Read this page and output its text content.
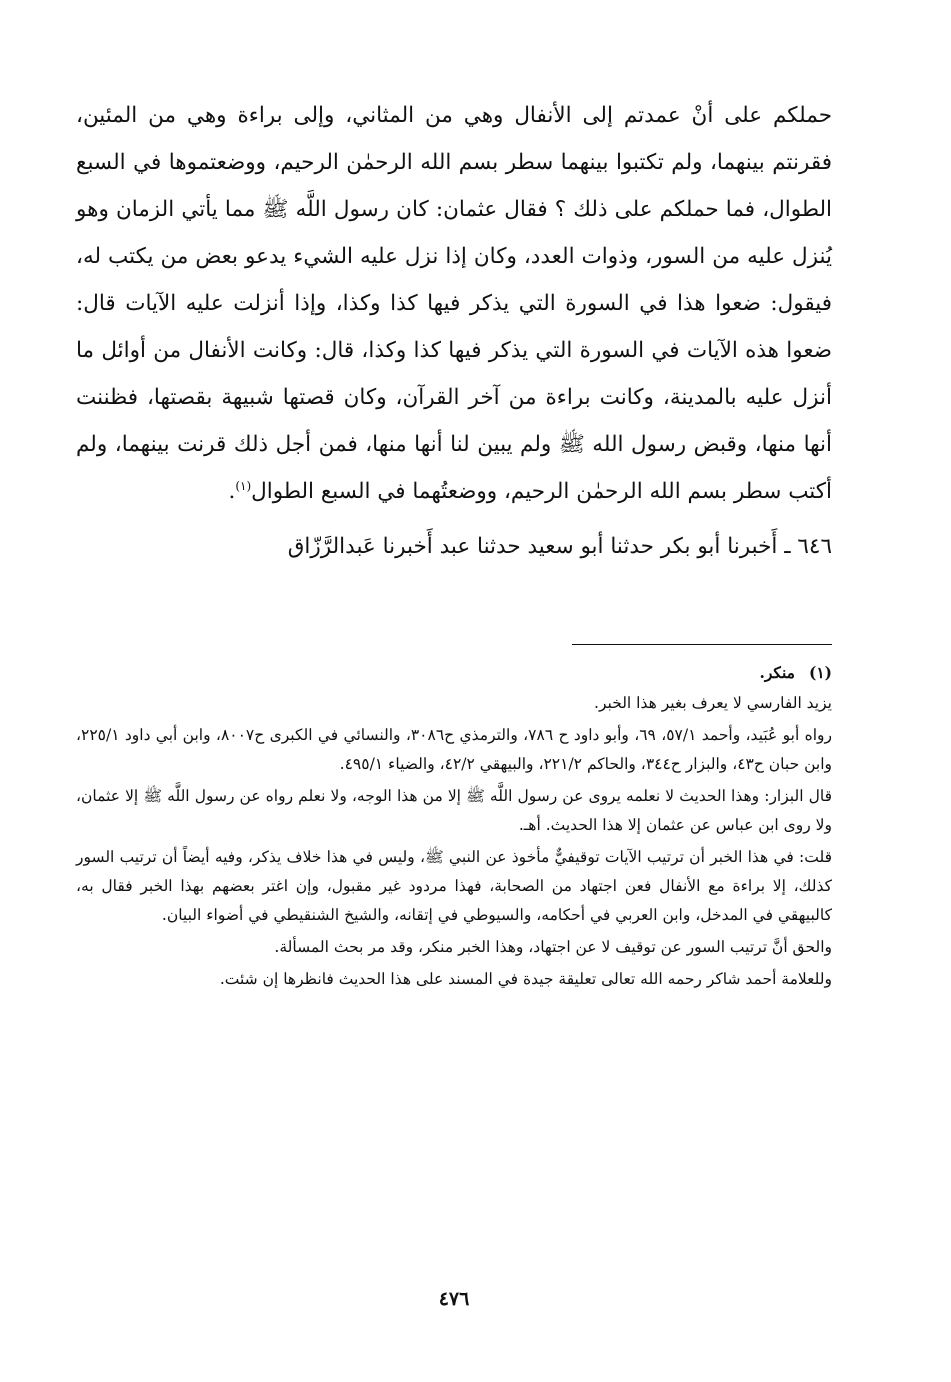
حملكم على أنْ عمدتم إلى الأنفال وهي من المثاني، وإلى براءة وهي من المئين، فقرنتم بينهما، ولم تكتبوا بينهما سطر بسم الله الرحمٰن الرحيم، ووضعتموها في السبع الطوال، فما حملكم على ذلك ؟ فقال عثمان: كان رسول اللَّه ﷺ مما يأتي الزمان وهو يُنزل عليه من السور، وذوات العدد، وكان إذا نزل عليه الشيء يدعو بعض من يكتب له، فيقول: ضعوا هذا في السورة التي يذكر فيها كذا وكذا، وإذا أنزلت عليه الآيات قال: ضعوا هذه الآيات في السورة التي يذكر فيها كذا وكذا، قال: وكانت الأنفال من أوائل ما أنزل عليه بالمدينة، وكانت براءة من آخر القرآن، وكان قصتها شبيهة بقصتها، فظننت أنها منها، وقبض رسول الله ﷺ ولم يبين لنا أنها منها، فمن أجل ذلك قرنت بينهما، ولم أكتب سطر بسم الله الرحمٰن الرحيم، ووضعتُهما في السبع الطوال$^{(١)}$.

٦٤٦ ـ أَخبرنا أبو بكر حدثنا أبو سعيد حدثنا عبد أَخبرنا عَبدالرَّزّاق

(١)منكر.

يزيد الفارسي لا يعرف بغير هذا الخبر.

رواه أبو عُبَيد، وأحمد ٥٧/١، ٦٩، وأبو داود ح ٧٨٦، والترمذي ح٣٠٨٦، والنسائي في الكبرى ح٨٠٠٧، وابن أبي داود ٢٢٥/١، وابن حبان ح٤٣، والبزار ح٣٤٤، والحاكم ٢٢١/٢، والبيهقي ٤٢/٢، والضياء ٤٩٥/١.

قال البزار: وهذا الحديث لا نعلمه يروى عن رسول اللَّه ﷺ إلا من هذا الوجه، ولا نعلم رواه عن رسول اللَّه ﷺ إلا عثمان، ولا روى ابن عباس عن عثمان إلا هذا الحديث. أهـ.

قلت: في هذا الخبر أن ترتيب الآيات توقيفيٌّ مأخوذ عن النبي ﷺ، وليس في هذا خلاف يذكر، وفيه أيضاً أن ترتيب السور كذلك، إلا براءة مع الأنفال فعن اجتهاد من الصحابة، فهذا مردود غير مقبول، وإن اغتر بعضهم بهذا الخبر فقال به، كالبيهقي في المدخل، وابن العربي في أحكامه، والسيوطي في إتقانه، والشيخ الشنقيطي في أضواء البيان.

والحق أنَّ ترتيب السور عن توقيف لا عن اجتهاد، وهذا الخبر منكر، وقد مر بحث المسألة.

وللعلامة أحمد شاكر رحمه الله تعالى تعليقة جيدة في المسند على هذا الحديث فانظرها إن شئت.

٤٧٦
